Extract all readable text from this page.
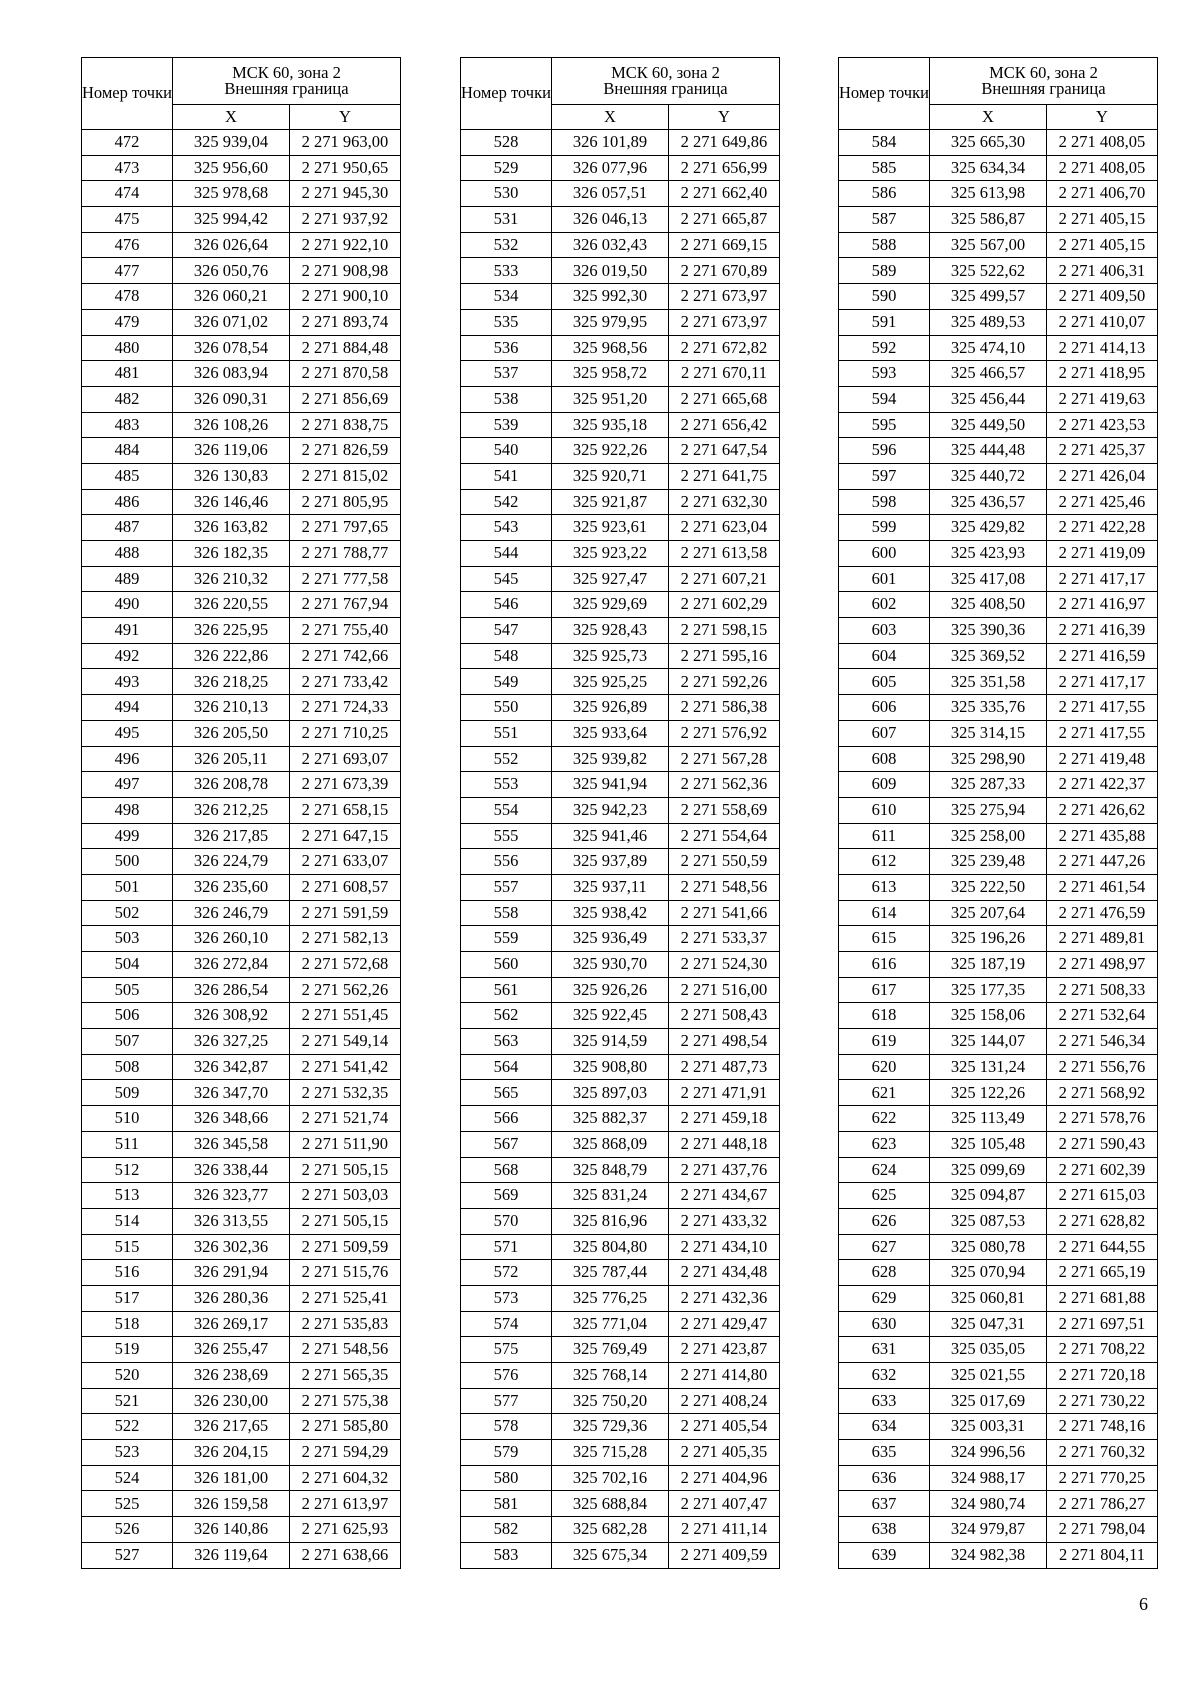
Номер точки	МСК 60, зона 2
Внешняя граница	
	X	Y
472	325 939,04	2 271 963,00
473	325 956,60	2 271 950,65
474	325 978,68	2 271 945,30
475	325 994,42	2 271 937,92
476	326 026,64	2 271 922,10
477	326 050,76	2 271 908,98
478	326 060,21	2 271 900,10
479	326 071,02	2 271 893,74
480	326 078,54	2 271 884,48
481	326 083,94	2 271 870,58
482	326 090,31	2 271 856,69
483	326 108,26	2 271 838,75
484	326 119,06	2 271 826,59
485	326 130,83	2 271 815,02
486	326 146,46	2 271 805,95
487	326 163,82	2 271 797,65
488	326 182,35	2 271 788,77
489	326 210,32	2 271 777,58
490	326 220,55	2 271 767,94
491	326 225,95	2 271 755,40
492	326 222,86	2 271 742,66
493	326 218,25	2 271 733,42
494	326 210,13	2 271 724,33
495	326 205,50	2 271 710,25
496	326 205,11	2 271 693,07
497	326 208,78	2 271 673,39
498	326 212,25	2 271 658,15
499	326 217,85	2 271 647,15
500	326 224,79	2 271 633,07
501	326 235,60	2 271 608,57
502	326 246,79	2 271 591,59
503	326 260,10	2 271 582,13
504	326 272,84	2 271 572,68
505	326 286,54	2 271 562,26
506	326 308,92	2 271 551,45
507	326 327,25	2 271 549,14
508	326 342,87	2 271 541,42
509	326 347,70	2 271 532,35
510	326 348,66	2 271 521,74
511	326 345,58	2 271 511,90
512	326 338,44	2 271 505,15
513	326 323,77	2 271 503,03
514	326 313,55	2 271 505,15
515	326 302,36	2 271 509,59
516	326 291,94	2 271 515,76
517	326 280,36	2 271 525,41
518	326 269,17	2 271 535,83
519	326 255,47	2 271 548,56
520	326 238,69	2 271 565,35
521	326 230,00	2 271 575,38
522	326 217,65	2 271 585,80
523	326 204,15	2 271 594,29
524	326 181,00	2 271 604,32
525	326 159,58	2 271 613,97
526	326 140,86	2 271 625,93
527	326 119,64	2 271 638,66
Номер точки	МСК 60, зона 2
Внешняя граница	
	X	Y
528	326 101,89	2 271 649,86
529	326 077,96	2 271 656,99
530	326 057,51	2 271 662,40
531	326 046,13	2 271 665,87
532	326 032,43	2 271 669,15
533	326 019,50	2 271 670,89
534	325 992,30	2 271 673,97
535	325 979,95	2 271 673,97
536	325 968,56	2 271 672,82
537	325 958,72	2 271 670,11
538	325 951,20	2 271 665,68
539	325 935,18	2 271 656,42
540	325 922,26	2 271 647,54
541	325 920,71	2 271 641,75
542	325 921,87	2 271 632,30
543	325 923,61	2 271 623,04
544	325 923,22	2 271 613,58
545	325 927,47	2 271 607,21
546	325 929,69	2 271 602,29
547	325 928,43	2 271 598,15
548	325 925,73	2 271 595,16
549	325 925,25	2 271 592,26
550	325 926,89	2 271 586,38
551	325 933,64	2 271 576,92
552	325 939,82	2 271 567,28
553	325 941,94	2 271 562,36
554	325 942,23	2 271 558,69
555	325 941,46	2 271 554,64
556	325 937,89	2 271 550,59
557	325 937,11	2 271 548,56
558	325 938,42	2 271 541,66
559	325 936,49	2 271 533,37
560	325 930,70	2 271 524,30
561	325 926,26	2 271 516,00
562	325 922,45	2 271 508,43
563	325 914,59	2 271 498,54
564	325 908,80	2 271 487,73
565	325 897,03	2 271 471,91
566	325 882,37	2 271 459,18
567	325 868,09	2 271 448,18
568	325 848,79	2 271 437,76
569	325 831,24	2 271 434,67
570	325 816,96	2 271 433,32
571	325 804,80	2 271 434,10
572	325 787,44	2 271 434,48
573	325 776,25	2 271 432,36
574	325 771,04	2 271 429,47
575	325 769,49	2 271 423,87
576	325 768,14	2 271 414,80
577	325 750,20	2 271 408,24
578	325 729,36	2 271 405,54
579	325 715,28	2 271 405,35
580	325 702,16	2 271 404,96
581	325 688,84	2 271 407,47
582	325 682,28	2 271 411,14
583	325 675,34	2 271 409,59
Номер точки	МСК 60, зона 2
Внешняя граница	
	X	Y
584	325 665,30	2 271 408,05
585	325 634,34	2 271 408,05
586	325 613,98	2 271 406,70
587	325 586,87	2 271 405,15
588	325 567,00	2 271 405,15
589	325 522,62	2 271 406,31
590	325 499,57	2 271 409,50
591	325 489,53	2 271 410,07
592	325 474,10	2 271 414,13
593	325 466,57	2 271 418,95
594	325 456,44	2 271 419,63
595	325 449,50	2 271 423,53
596	325 444,48	2 271 425,37
597	325 440,72	2 271 426,04
598	325 436,57	2 271 425,46
599	325 429,82	2 271 422,28
600	325 423,93	2 271 419,09
601	325 417,08	2 271 417,17
602	325 408,50	2 271 416,97
603	325 390,36	2 271 416,39
604	325 369,52	2 271 416,59
605	325 351,58	2 271 417,17
606	325 335,76	2 271 417,55
607	325 314,15	2 271 417,55
608	325 298,90	2 271 419,48
609	325 287,33	2 271 422,37
610	325 275,94	2 271 426,62
611	325 258,00	2 271 435,88
612	325 239,48	2 271 447,26
613	325 222,50	2 271 461,54
614	325 207,64	2 271 476,59
615	325 196,26	2 271 489,81
616	325 187,19	2 271 498,97
617	325 177,35	2 271 508,33
618	325 158,06	2 271 532,64
619	325 144,07	2 271 546,34
620	325 131,24	2 271 556,76
621	325 122,26	2 271 568,92
622	325 113,49	2 271 578,76
623	325 105,48	2 271 590,43
624	325 099,69	2 271 602,39
625	325 094,87	2 271 615,03
626	325 087,53	2 271 628,82
627	325 080,78	2 271 644,55
628	325 070,94	2 271 665,19
629	325 060,81	2 271 681,88
630	325 047,31	2 271 697,51
631	325 035,05	2 271 708,22
632	325 021,55	2 271 720,18
633	325 017,69	2 271 730,22
634	325 003,31	2 271 748,16
635	324 996,56	2 271 760,32
636	324 988,17	2 271 770,25
637	324 980,74	2 271 786,27
638	324 979,87	2 271 798,04
639	324 982,38	2 271 804,11
6
